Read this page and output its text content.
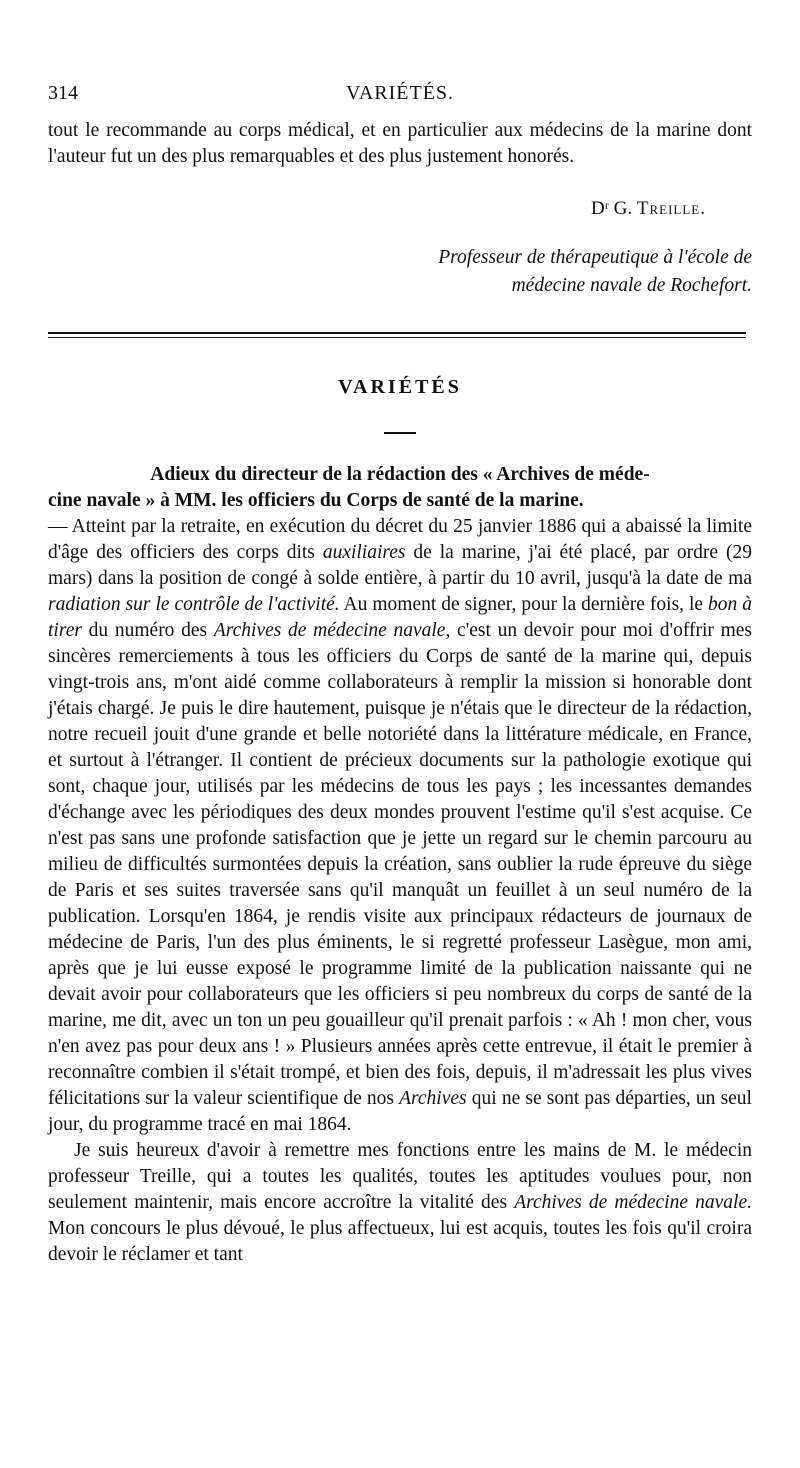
314	VARIÉTÉS.

tout le recommande au corps médical, et en particulier aux médecins de la marine dont l'auteur fut un des plus remarquables et des plus justement honorés.

Dʳ G. Treille.
Professeur de thérapeutique à l'école de
médecine navale de Rochefort.
VARIÉTÉS

Adieux du directeur de la rédaction des « Archives de méde-
cine navale » à MM. les officiers du Corps de santé de la marine.
— Atteint par la retraite, en exécution du décret du 25 janvier 1886 qui a abaissé la limite d'âge des officiers des corps dits auxiliaires de la marine, j'ai été placé, par ordre (29 mars) dans la position de congé à solde entière, à partir du 10 avril, jusqu'à la date de ma radiation sur le contrôle de l'activité. Au moment de signer, pour la dernière fois, le bon à tirer du numéro des Archives de médecine navale, c'est un devoir pour moi d'offrir mes sincères remerciements à tous les officiers du Corps de santé de la marine qui, depuis vingt-trois ans, m'ont aidé comme collaborateurs à remplir la mission si honorable dont j'étais chargé. Je puis le dire hautement, puisque je n'étais que le directeur de la rédaction, notre recueil jouit d'une grande et belle notoriété dans la littérature médicale, en France, et surtout à l'étranger. Il contient de précieux documents sur la pathologie exotique qui sont, chaque jour, utilisés par les médecins de tous les pays ; les incessantes demandes d'échange avec les périodiques des deux mondes prouvent l'estime qu'il s'est acquise. Ce n'est pas sans une profonde satisfaction que je jette un regard sur le chemin parcouru au milieu de difficultés surmontées depuis la création, sans oublier la rude épreuve du siège de Paris et ses suites traversée sans qu'il manquât un feuillet à un seul numéro de la publication. Lorsqu'en 1864, je rendis visite aux principaux rédacteurs de journaux de médecine de Paris, l'un des plus éminents, le si regretté professeur Lasègue, mon ami, après que je lui eusse exposé le programme limité de la publication naissante qui ne devait avoir pour collaborateurs que les officiers si peu nombreux du corps de santé de la marine, me dit, avec un ton un peu gouailleur qu'il prenait parfois : « Ah ! mon cher, vous n'en avez pas pour deux ans ! » Plusieurs années après cette entrevue, il était le premier à reconnaître combien il s'était trompé, et bien des fois, depuis, il m'adressait les plus vives félicitations sur la valeur scientifique de nos Archives qui ne se sont pas départies, un seul jour, du programme tracé en mai 1864.

Je suis heureux d'avoir à remettre mes fonctions entre les mains de M. le médecin professeur Treille, qui a toutes les qualités, toutes les aptitudes voulues pour, non seulement maintenir, mais encore accroître la vitalité des Archives de médecine navale. Mon concours le plus dévoué, le plus affectueux, lui est acquis, toutes les fois qu'il croira devoir le réclamer et tant
